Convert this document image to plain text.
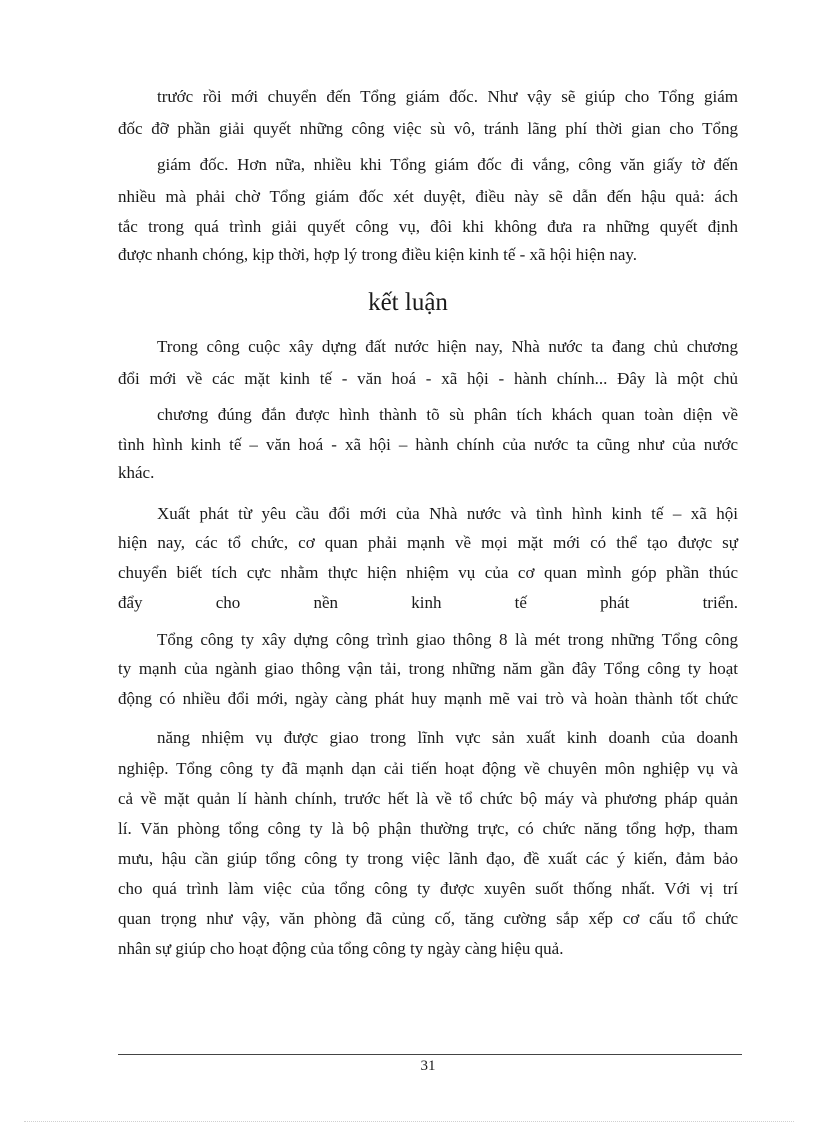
trước rồi mới chuyển đến Tổng giám đốc. Như vậy sẽ giúp cho Tổng giám
đốc đỡ phần giải quyết những công việc sù vô, tránh lãng phí thời gian cho Tổng
giám đốc. Hơn nữa, nhiều khi Tổng giám đốc đi vắng, công văn giấy tờ đến
nhiều mà phải chờ Tổng giám đốc xét duyệt, điều này sẽ dẫn đến hậu quả: ách
tắc trong quá trình giải quyết công vụ, đôi khi không đưa ra những quyết định
được nhanh chóng, kịp thời, hợp lý trong điều kiện kinh tế - xã hội hiện nay.
kết luận
Trong công cuộc xây dựng đất nước hiện nay, Nhà nước ta đang chủ chương
đổi mới về các mặt kinh tế - văn hoá - xã hội - hành chính... Đây là một chủ
chương đúng đắn được hình thành tõ sù phân tích khách quan toàn diện về
tình hình kinh tế – văn hoá - xã hội – hành chính của nước ta cũng như của nước
khác.
Xuất phát từ yêu cầu đổi mới của Nhà nước và tình hình kinh tế – xã hội
hiện nay, các tổ chức, cơ quan phải mạnh về mọi mặt mới có thể tạo được sự
chuyển biết tích cực nhằm thực hiện nhiệm vụ của cơ quan mình góp phần thúc
đẩy cho nền kinh tế phát triển.
Tổng công ty xây dựng công trình giao thông 8 là mét trong những Tổng công
ty mạnh của ngành giao thông vận tải, trong những năm gần đây Tổng công ty hoạt
động có nhiều đổi mới, ngày càng phát huy mạnh mẽ vai trò và hoàn thành tốt chức
năng nhiệm vụ được giao trong lĩnh vực sản xuất kinh doanh của doanh
nghiệp. Tổng công ty đã mạnh dạn cải tiến hoạt động về chuyên môn nghiệp vụ và
cả về mặt quản lí hành chính, trước hết là về tổ chức bộ máy và phương pháp quản
lí. Văn phòng tổng công ty là bộ phận thường trực, có chức năng tổng hợp, tham
mưu, hậu cần giúp tổng công ty trong việc lãnh đạo, đề xuất các ý kiến, đảm bảo
cho quá trình làm việc của tổng công ty được xuyên suốt thống nhất. Với vị trí
quan trọng như vậy, văn phòng đã củng cố, tăng cường sắp xếp cơ cấu tổ chức
nhân sự giúp cho hoạt động của tổng công ty ngày càng hiệu quả.
31
